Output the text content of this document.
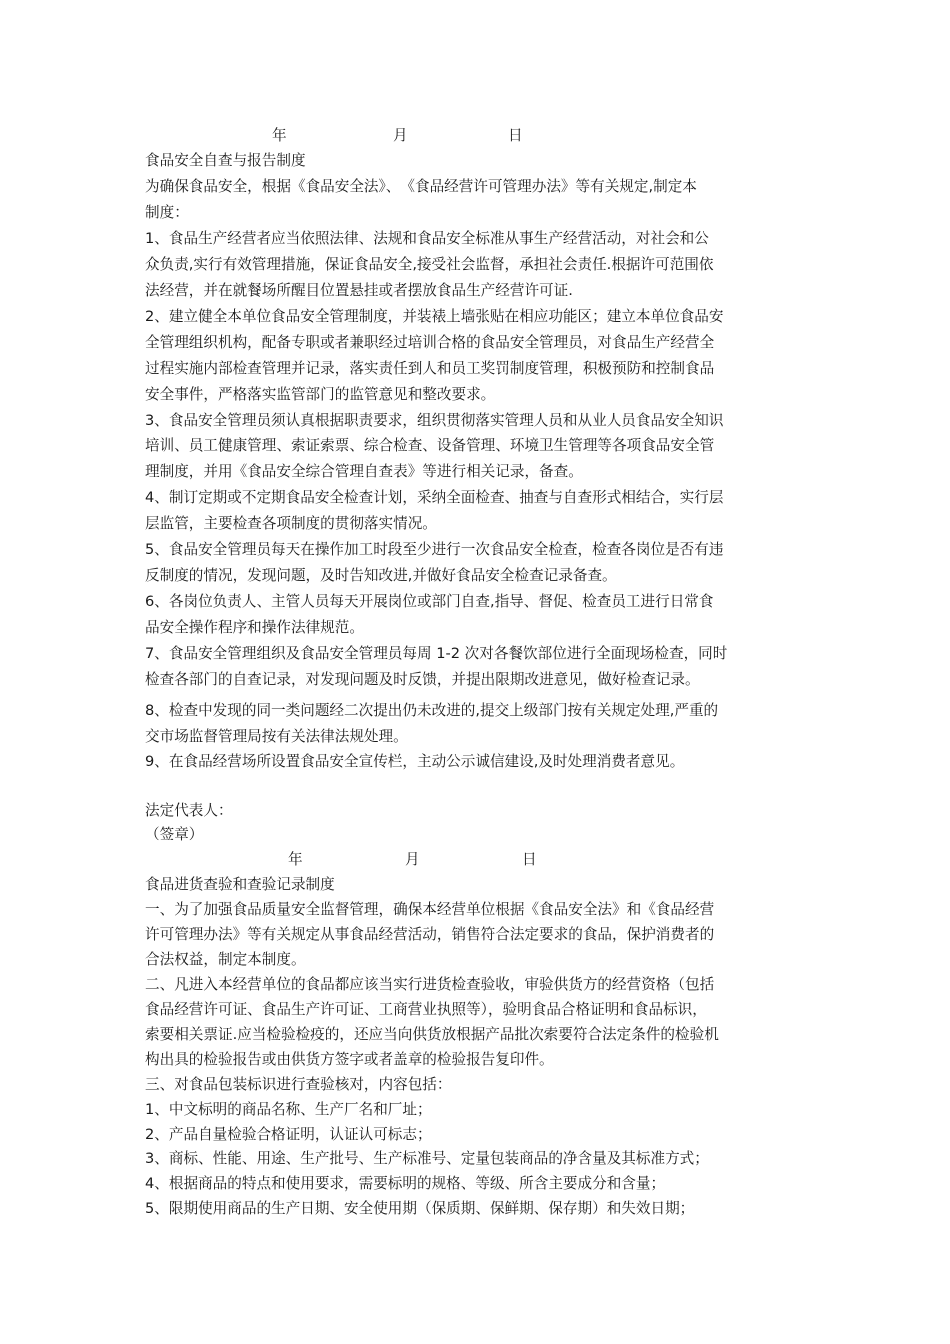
年	月	日

食品安全自查与报告制度

为确保食品安全，根据《食品安全法》、　《食品经营许可管理办法》等有关规定,制定本

制度：

1、食品生产经营者应当依照法律、法规和食品安全标准从事生产经营活动，对社会和公

众负责,实行有效管理措施，保证食品安全,接受社会监督，承担社会责任.根据许可范围依

法经营，并在就餐场所醒目位置悬挂或者摆放食品生产经营许可证.

2、建立健全本单位食品安全管理制度，并装裱上墙张贴在相应功能区；建立本单位食品安

全管理组织机构，配备专职或者兼职经过培训合格的食品安全管理员，对食品生产经营全

过程实施内部检查管理并记录，落实责任到人和员工奖罚制度管理，积极预防和控制食品

安全事件，严格落实监管部门的监管意见和整改要求。

3、食品安全管理员须认真根据职责要求，组织贯彻落实管理人员和从业人员食品安全知识

培训、员工健康管理、索证索票、综合检查、设备管理、环境卫生管理等各项食品安全管

理制度，并用《食品安全综合管理自查表》等进行相关记录，备查。

4、制订定期或不定期食品安全检查计划，采纳全面检查、抽查与自查形式相结合，实行层

层监管，主要检查各项制度的贯彻落实情况。

5、食品安全管理员每天在操作加工时段至少进行一次食品安全检查，检查各岗位是否有违

反制度的情况，发现问题，及时告知改进,并做好食品安全检查记录备查。

6、各岗位负责人、主管人员每天开展岗位或部门自查,指导、督促、检查员工进行日常食

品安全操作程序和操作法律规范。

7、食品安全管理组织及食品安全管理员每周 1-2 次对各餐饮部位进行全面现场检查，同时

检查各部门的自查记录，对发现问题及时反馈，并提出限期改进意见，做好检查记录。

8、检查中发现的同一类问题经二次提出仍未改进的,提交上级部门按有关规定处理,严重的

交市场监督管理局按有关法律法规处理。

9、在食品经营场所设置食品安全宣传栏，主动公示诚信建设,及时处理消费者意见。

法定代表人：

（签章）

年	月	日

食品进货查验和查验记录制度

一、为了加强食品质量安全监督管理，确保本经营单位根据《食品安全法》和《食品经营

许可管理办法》等有关规定从事食品经营活动，销售符合法定要求的食品，保护消费者的

合法权益，制定本制度。

二、凡进入本经营单位的食品都应该当实行进货检查验收，审验供货方的经营资格（包括

食品经营许可证、食品生产许可证、工商营业执照等），验明食品合格证明和食品标识，

索要相关票证.应当检验检疫的，还应当向供货放根据产品批次索要符合法定条件的检验机

构出具的检验报告或由供货方签字或者盖章的检验报告复印件。

三、对食品包装标识进行查验核对，内容包括：

1、中文标明的商品名称、生产厂名和厂址；

2、产品自量检验合格证明，认证认可标志；

3、商标、性能、用途、生产批号、生产标准号、定量包装商品的净含量及其标准方式；

4、根据商品的特点和使用要求，需要标明的规格、等级、所含主要成分和含量；

5、限期使用商品的生产日期、安全使用期（保质期、保鲜期、保存期）和失效日期；
